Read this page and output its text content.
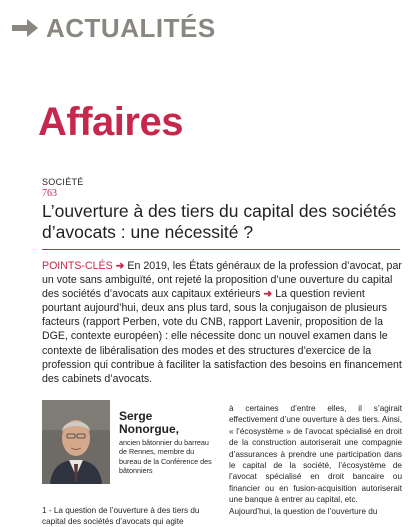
ACTUALITÉS
Affaires
SOCIÉTÉ
763
L’ouverture à des tiers du capital des sociétés d’avocats : une nécessité ?
POINTS-CLÉS ➜ En 2019, les États généraux de la profession d’avocat, par un vote sans ambiguïté, ont rejeté la proposition d’une ouverture du capital des sociétés d’avocats aux capitaux extérieurs ➜ La question revient pourtant aujourd’hui, deux ans plus tard, sous la conjugaison de plusieurs facteurs (rapport Perben, vote du CNB, rapport Lavenir, proposition de la DGE, contexte européen) : elle nécessite donc un nouvel examen dans le contexte de libéralisation des modes et des structures d’exercice de la profession qui contribue à faciliter la satisfaction des besoins en financement des cabinets d’avocats.
Serge
Nonorgue,
ancien bâtonnier du barreau de Rennes, membre du bureau de la Conférence des bâtonniers
1 - La question de l’ouverture à des tiers du capital des sociétés d’avocats qui agite

à certaines d’entre elles, il s’agirait effectivement d’une ouverture à des tiers. Ainsi, « l’écosystème » de l’avocat spécialisé en droit de la construction autoriserait une compagnie d’assurances à prendre une participation dans le capital de la société, l’écosystème de l’avocat spécialisé en droit bancaire ou financier ou en fusion-acquisition autoriserait une banque à entrer au capital, etc.

Aujourd’hui, la question de l’ouverture du
